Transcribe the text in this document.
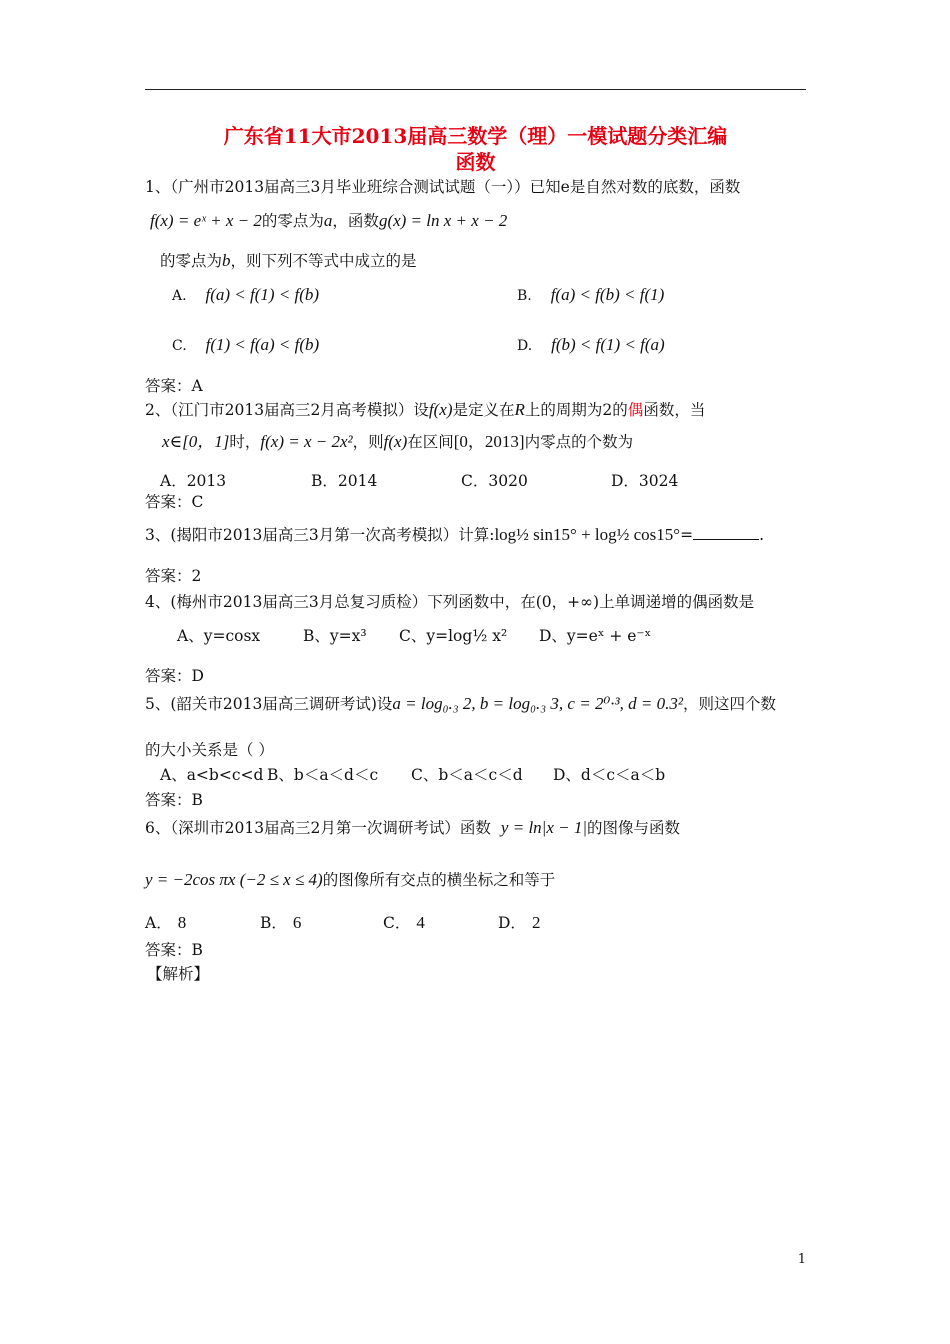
广东省11大市2013届高三数学（理）一模试题分类汇编
函数
1、（广州市2013届高三3月毕业班综合测试试题（一））已知e是自然对数的底数，函数
f(x) = eˣ + x − 2的零点为a，函数g(x) = ln x + x − 2
的零点为b，则下列不等式中成立的是
A. f(a) < f(1) < f(b)	B. f(a) < f(b) < f(1)
C. f(1) < f(a) < f(b)	D. f(b) < f(1) < f(a)
答案：A
2、（江门市2013届高三2月高考模拟）设f(x)是定义在R上的周期为2的偶函数，当
x∈[0，1]时，f(x) = x − 2x²，则f(x)在区间[0，2013]内零点的个数为
A．2013	B．2014	C．3020	D．3024
答案：C
3、(揭阳市2013届高三3月第一次高考模拟）计算:log½ sin15° + log½ cos15°=	.
答案：2
4、(梅州市2013届高三3月总复习质检）下列函数中，在(0，+∞)上单调递增的偶函数是
A、y=cosx	B、y=x³ C、y=log½ x² D、y=eˣ + e⁻ˣ
答案：D
5、(韶关市2013届高三调研考试)设a = log₀.₃ 2, b = log₀.₃ 3, c = 2⁰·³, d = 0.3²，则这四个数
的大小关系是（ ）
A、a<b<c<d B、b＜a＜d＜c C、b＜a＜c＜d D、d＜c＜a＜b
答案：B
6、（深圳市2013届高三2月第一次调研考试）函数 y = ln|x − 1|的图像与函数
y = −2cos πx (−2 ≤ x ≤ 4)的图像所有交点的横坐标之和等于
A． 8	B． 6	C． 4	D． 2
答案：B
【解析】
1
